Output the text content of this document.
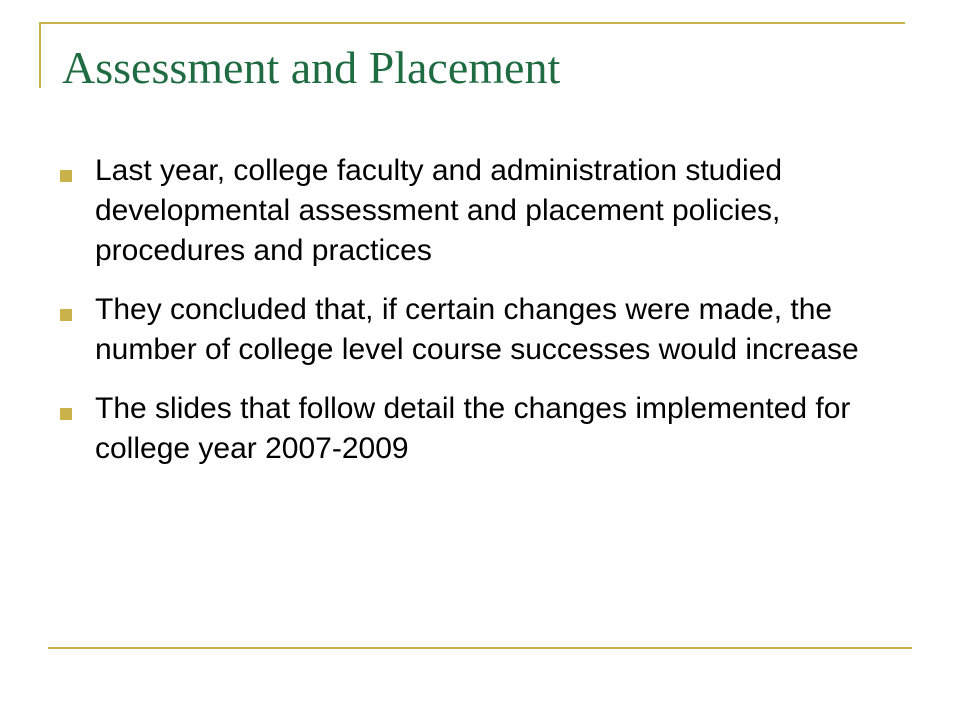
Assessment and Placement
Last year, college faculty and administration studied developmental assessment and placement policies, procedures and practices
They concluded that, if certain changes were made, the number of college level course successes would increase
The slides that follow detail the changes implemented for college year 2007-2009
